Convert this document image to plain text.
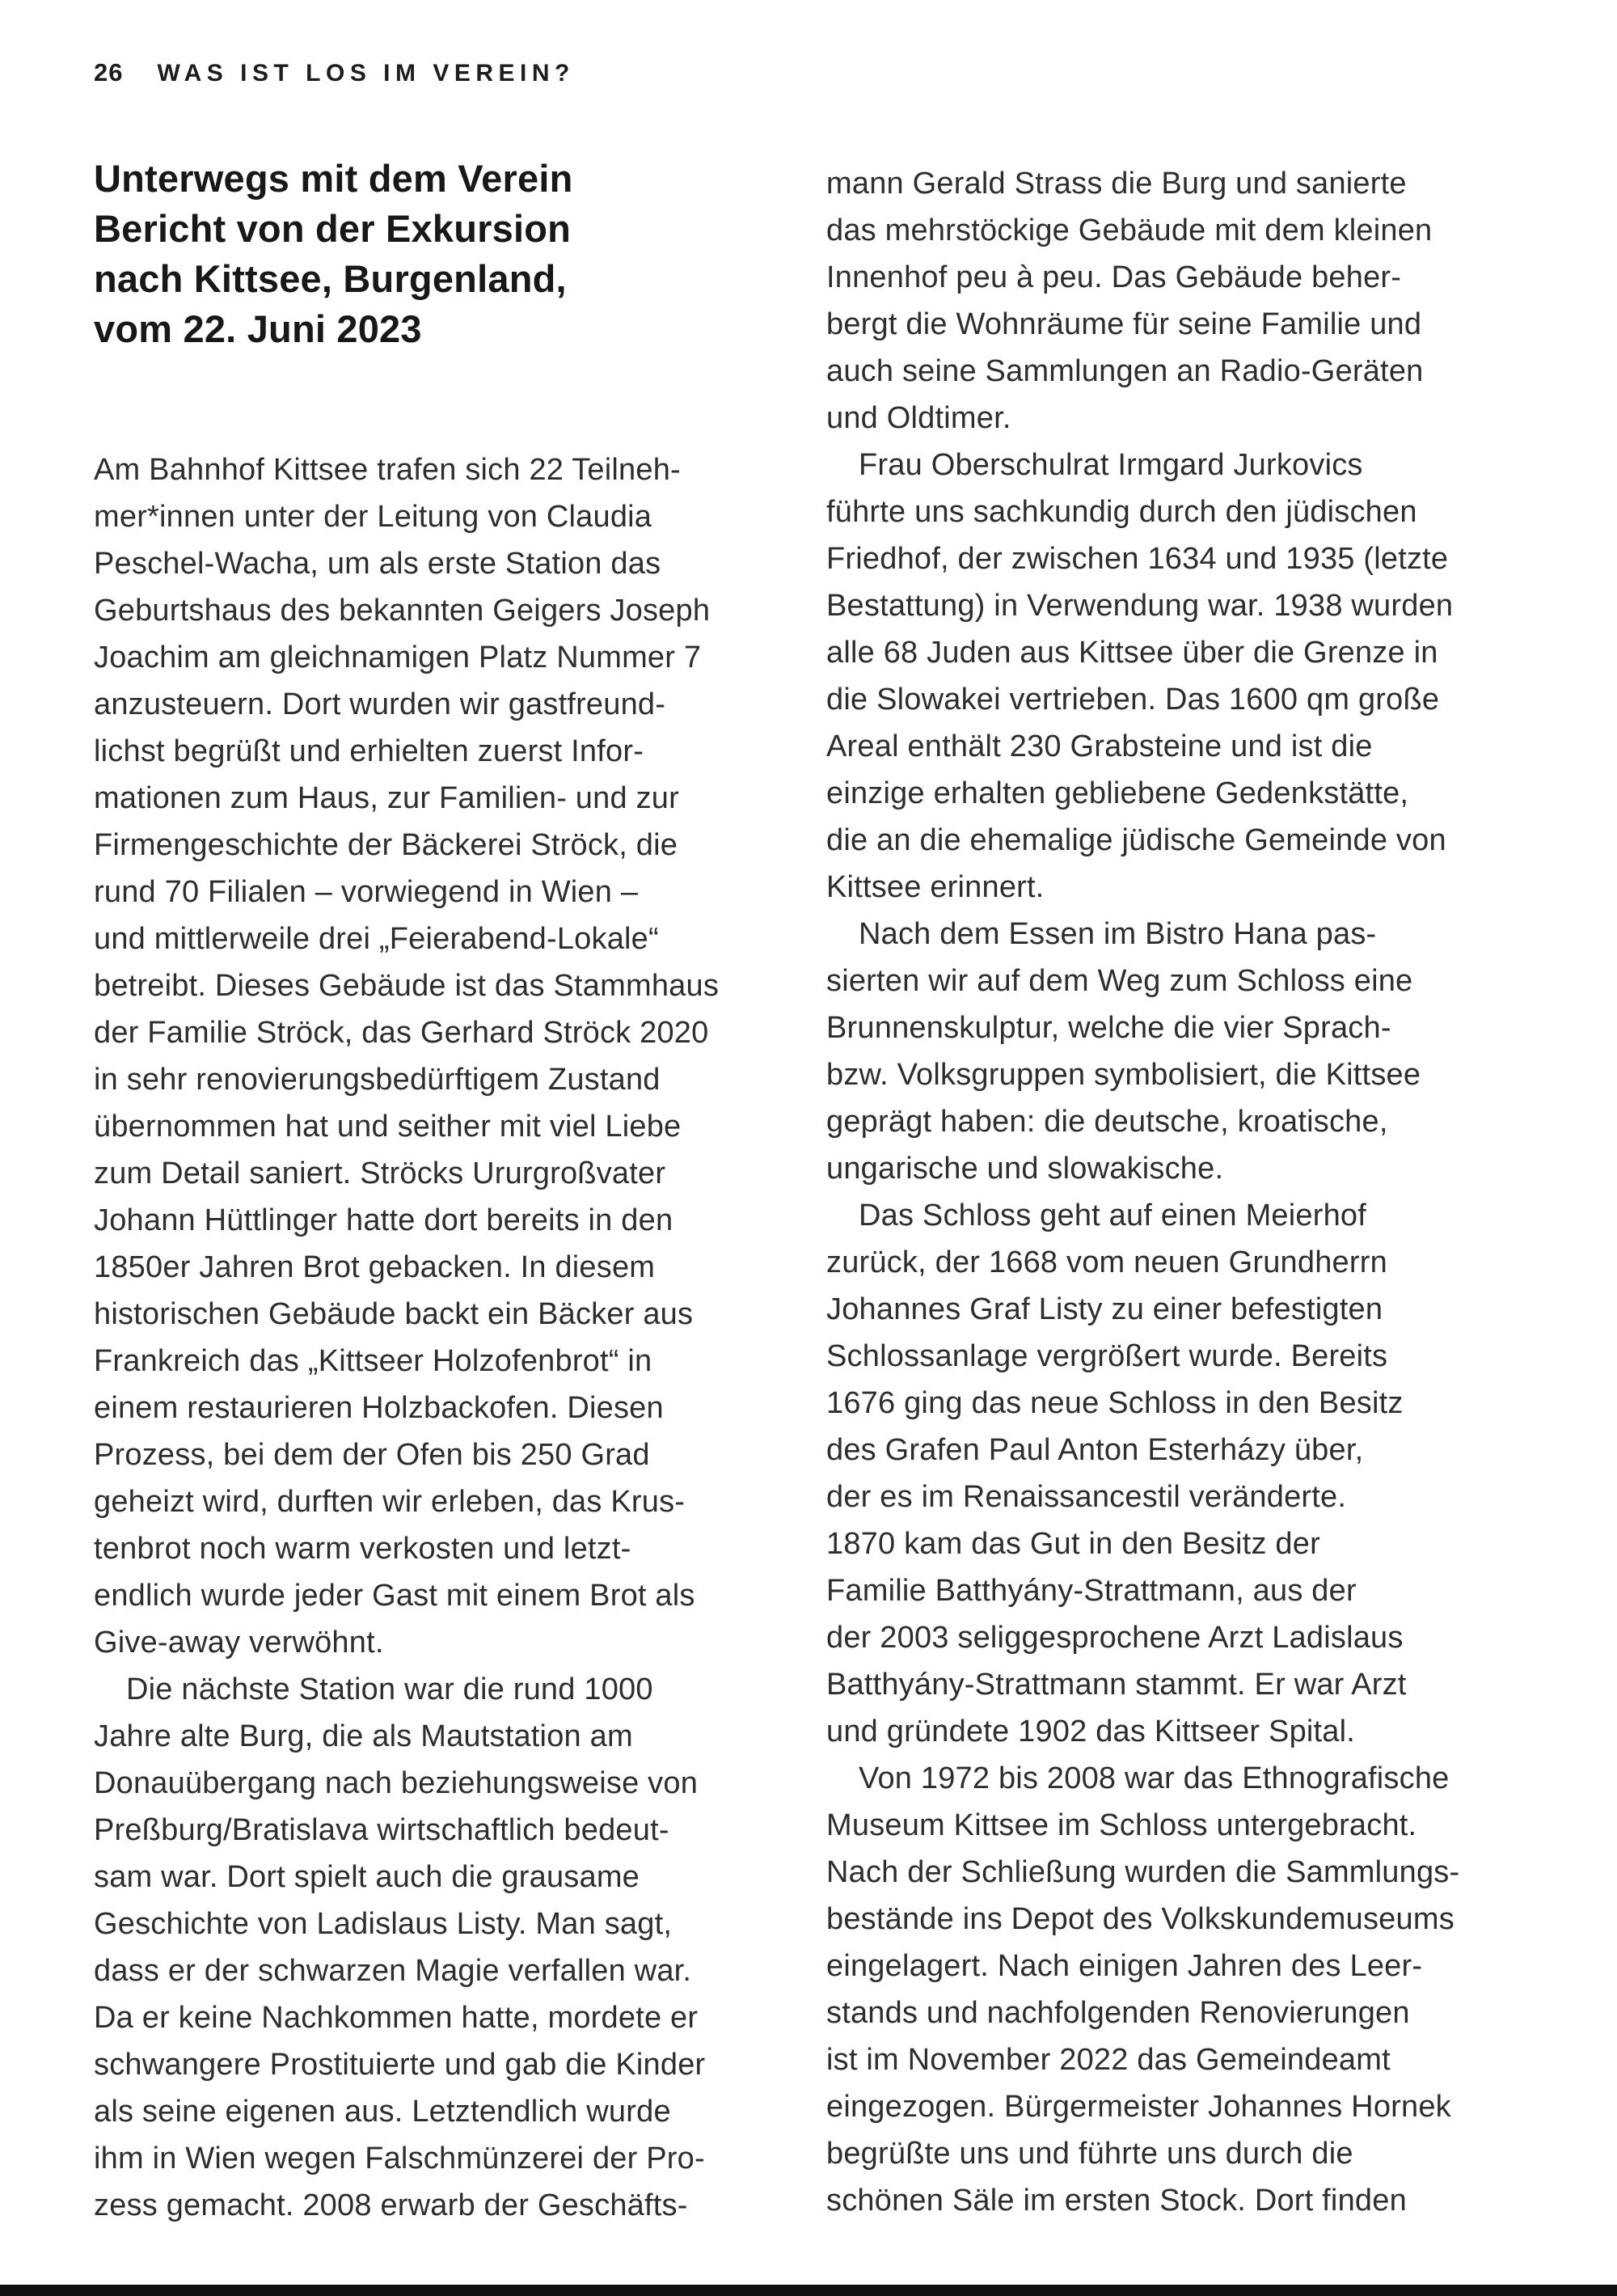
26 WAS IST LOS IM VEREIN?
Unterwegs mit dem Verein
Bericht von der Exkursion
nach Kittsee, Burgenland,
vom 22. Juni 2023
Am Bahnhof Kittsee trafen sich 22 Teilneh-
mer*innen unter der Leitung von Claudia
Peschel-Wacha, um als erste Station das
Geburtshaus des bekannten Geigers Joseph
Joachim am gleichnamigen Platz Nummer 7
anzusteuern. Dort wurden wir gastfreund-
lichst begrüßt und erhielten zuerst Infor-
mationen zum Haus, zur Familien- und zur
Firmengeschichte der Bäckerei Ströck, die
rund 70 Filialen – vorwiegend in Wien –
und mittlerweile drei „Feierabend-Lokale“
betreibt. Dieses Gebäude ist das Stammhaus
der Familie Ströck, das Gerhard Ströck 2020
in sehr renovierungsbedürftigem Zustand
übernommen hat und seither mit viel Liebe
zum Detail saniert. Ströcks Ururgroßvater
Johann Hüttlinger hatte dort bereits in den
1850er Jahren Brot gebacken. In diesem
historischen Gebäude backt ein Bäcker aus
Frankreich das „Kittseer Holzofenbrot“ in
einem restaurieren Holzbackofen. Diesen
Prozess, bei dem der Ofen bis 250 Grad
geheizt wird, durften wir erleben, das Krus-
tenbrot noch warm verkosten und letzt-
endlich wurde jeder Gast mit einem Brot als
Give-away verwöhnt.
Die nächste Station war die rund 1000
Jahre alte Burg, die als Mautstation am
Donauübergang nach beziehungsweise von
Preßburg/Bratislava wirtschaftlich bedeut-
sam war. Dort spielt auch die grausame
Geschichte von Ladislaus Listy. Man sagt,
dass er der schwarzen Magie verfallen war.
Da er keine Nachkommen hatte, mordete er
schwangere Prostituierte und gab die Kinder
als seine eigenen aus. Letztendlich wurde
ihm in Wien wegen Falschmünzerei der Pro-
zess gemacht. 2008 erwarb der Geschäfts-
mann Gerald Strass die Burg und sanierte
das mehrstöckige Gebäude mit dem kleinen
Innenhof peu à peu. Das Gebäude beher-
bergt die Wohnräume für seine Familie und
auch seine Sammlungen an Radio-Geräten
und Oldtimer.
Frau Oberschulrat Irmgard Jurkovics
führte uns sachkundig durch den jüdischen
Friedhof, der zwischen 1634 und 1935 (letzte
Bestattung) in Verwendung war. 1938 wurden
alle 68 Juden aus Kittsee über die Grenze in
die Slowakei vertrieben. Das 1600 qm große
Areal enthält 230 Grabsteine und ist die
einzige erhalten gebliebene Gedenkstätte,
die an die ehemalige jüdische Gemeinde von
Kittsee erinnert.
Nach dem Essen im Bistro Hana pas-
sierten wir auf dem Weg zum Schloss eine
Brunnenskulptur, welche die vier Sprach-
bzw. Volksgruppen symbolisiert, die Kittsee
geprägt haben: die deutsche, kroatische,
ungarische und slowakische.
Das Schloss geht auf einen Meierhof
zurück, der 1668 vom neuen Grundherrn
Johannes Graf Listy zu einer befestigten
Schlossanlage vergrößert wurde. Bereits
1676 ging das neue Schloss in den Besitz
des Grafen Paul Anton Esterházy über,
der es im Renaissancestil veränderte.
1870 kam das Gut in den Besitz der
Familie Batthyány-Strattmann, aus der
der 2003 seliggesprochene Arzt Ladislaus
Batthyány-Strattmann stammt. Er war Arzt
und gründete 1902 das Kittseer Spital.
Von 1972 bis 2008 war das Ethnografische
Museum Kittsee im Schloss untergebracht.
Nach der Schließung wurden die Sammlungs-
bestände ins Depot des Volkskundemuseums
eingelagert. Nach einigen Jahren des Leer-
stands und nachfolgenden Renovierungen
ist im November 2022 das Gemeindeamt
eingezogen. Bürgermeister Johannes Hornek
begrüßte uns und führte uns durch die
schönen Säle im ersten Stock. Dort finden
